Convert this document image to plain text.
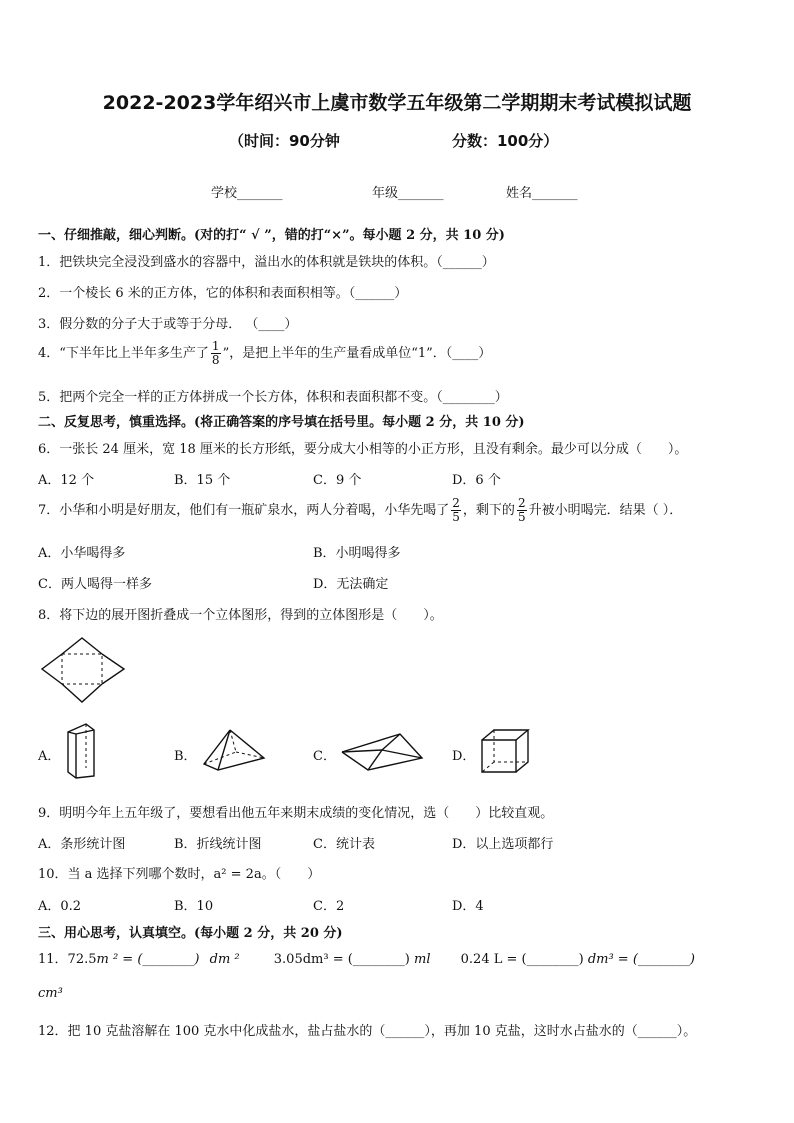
2022-2023学年绍兴市上虞市数学五年级第二学期期末考试模拟试题
（时间：90分钟	分数：100分）
学校_______	年级_______	姓名_______
一、仔细推敲，细心判断。(对的打“ √ ”，错的打“×”。每小题 2 分，共 10 分)
1．把铁块完全浸没到盛水的容器中，溢出水的体积就是铁块的体积。（______）
2．一个棱长 6 米的正方体，它的体积和表面积相等。（______）
3．假分数的分子大于或等于分母． （____）
4．“下半年比上半年多生产了 $\frac{1}{8}$ ”，是把上半年的生产量看成单位“1”．（____）
5．把两个完全一样的正方体拼成一个长方体，体积和表面积都不变。（________）
二、反复思考，慎重选择。(将正确答案的序号填在括号里。每小题 2 分，共 10 分)
6．一张长 24 厘米，宽 18 厘米的长方形纸，要分成大小相等的小正方形，且没有剩余。最少可以分成（　　）。
A．12 个	B．15 个	C．9 个	D．6 个
7．小华和小明是好朋友，他们有一瓶矿泉水，两人分着喝，小华先喝了 $\frac{2}{5}$ ，剩下的 $\frac{2}{5}$ 升被小明喝完．结果（ ）．
A．小华喝得多	B．小明喝得多
C．两人喝得一样多	D．无法确定
8．将下边的展开图折叠成一个立体图形，得到的立体图形是（　　）。
A．	B．	C．	D．
9．明明今年上五年级了，要想看出他五年来期末成绩的变化情况，选（　　）比较直观。
A．条形统计图	B．折线统计图	C．统计表	D．以上选项都行
10．当 a 选择下列哪个数时，a² = 2a。（　　）
A．0.2	B．10	C．2	D．4
三、用心思考，认真填空。(每小题 2 分，共 20 分)
11．72.5m ² = (________) dm ²	3.05dm³ = (________) ml 0.24 L = (________) dm³ = (________)
cm³
12．把 10 克盐溶解在 100 克水中化成盐水，盐占盐水的（______），再加 10 克盐，这时水占盐水的（______）。
